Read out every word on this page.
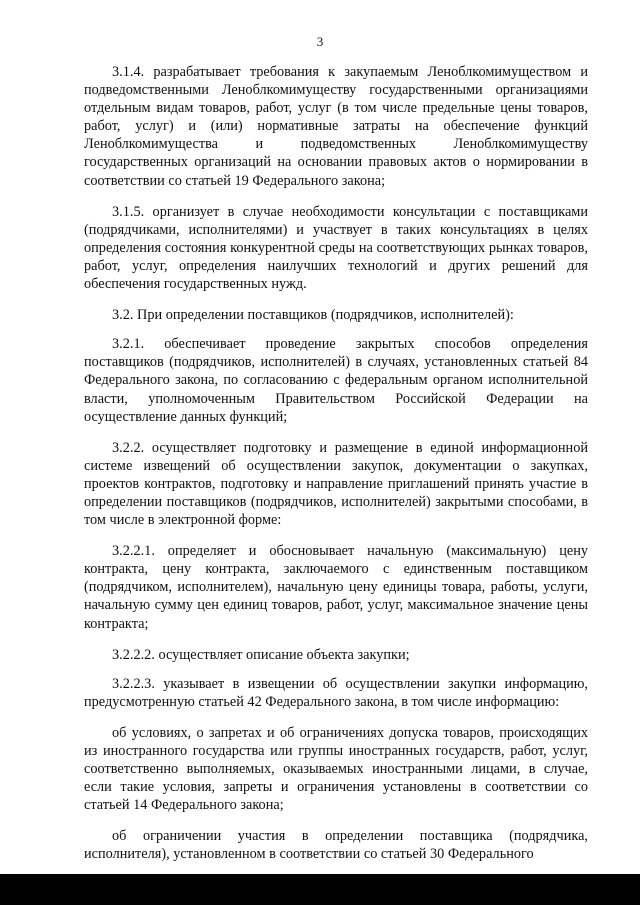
3

3.1.4. разрабатывает требования к закупаемым Леноблкомимуществом и подведомственными Леноблкомимуществу государственными организациями отдельным видам товаров, работ, услуг (в том числе предельные цены товаров, работ, услуг) и (или) нормативные затраты на обеспечение функций Леноблкомимущества и подведомственных Леноблкомимуществу государственных организаций на основании правовых актов о нормировании в соответствии со статьей 19 Федерального закона;

3.1.5. организует в случае необходимости консультации с поставщиками (подрядчиками, исполнителями) и участвует в таких консультациях в целях определения состояния конкурентной среды на соответствующих рынках товаров, работ, услуг, определения наилучших технологий и других решений для обеспечения государственных нужд.

3.2. При определении поставщиков (подрядчиков, исполнителей):

3.2.1. обеспечивает проведение закрытых способов определения поставщиков (подрядчиков, исполнителей) в случаях, установленных статьей 84 Федерального закона, по согласованию с федеральным органом исполнительной власти, уполномоченным Правительством Российской Федерации на осуществление данных функций;

3.2.2. осуществляет подготовку и размещение в единой информационной системе извещений об осуществлении закупок, документации о закупках, проектов контрактов, подготовку и направление приглашений принять участие в определении поставщиков (подрядчиков, исполнителей) закрытыми способами, в том числе в электронной форме:

3.2.2.1. определяет и обосновывает начальную (максимальную) цену контракта, цену контракта, заключаемого с единственным поставщиком (подрядчиком, исполнителем), начальную цену единицы товара, работы, услуги, начальную сумму цен единиц товаров, работ, услуг, максимальное значение цены контракта;

3.2.2.2. осуществляет описание объекта закупки;

3.2.2.3. указывает в извещении об осуществлении закупки информацию, предусмотренную статьей 42 Федерального закона, в том числе информацию:

об условиях, о запретах и об ограничениях допуска товаров, происходящих из иностранного государства или группы иностранных государств, работ, услуг, соответственно выполняемых, оказываемых иностранными лицами, в случае, если такие условия, запреты и ограничения установлены в соответствии со статьей 14 Федерального закона;

об ограничении участия в определении поставщика (подрядчика, исполнителя), установленном в соответствии со статьей 30 Федерального
